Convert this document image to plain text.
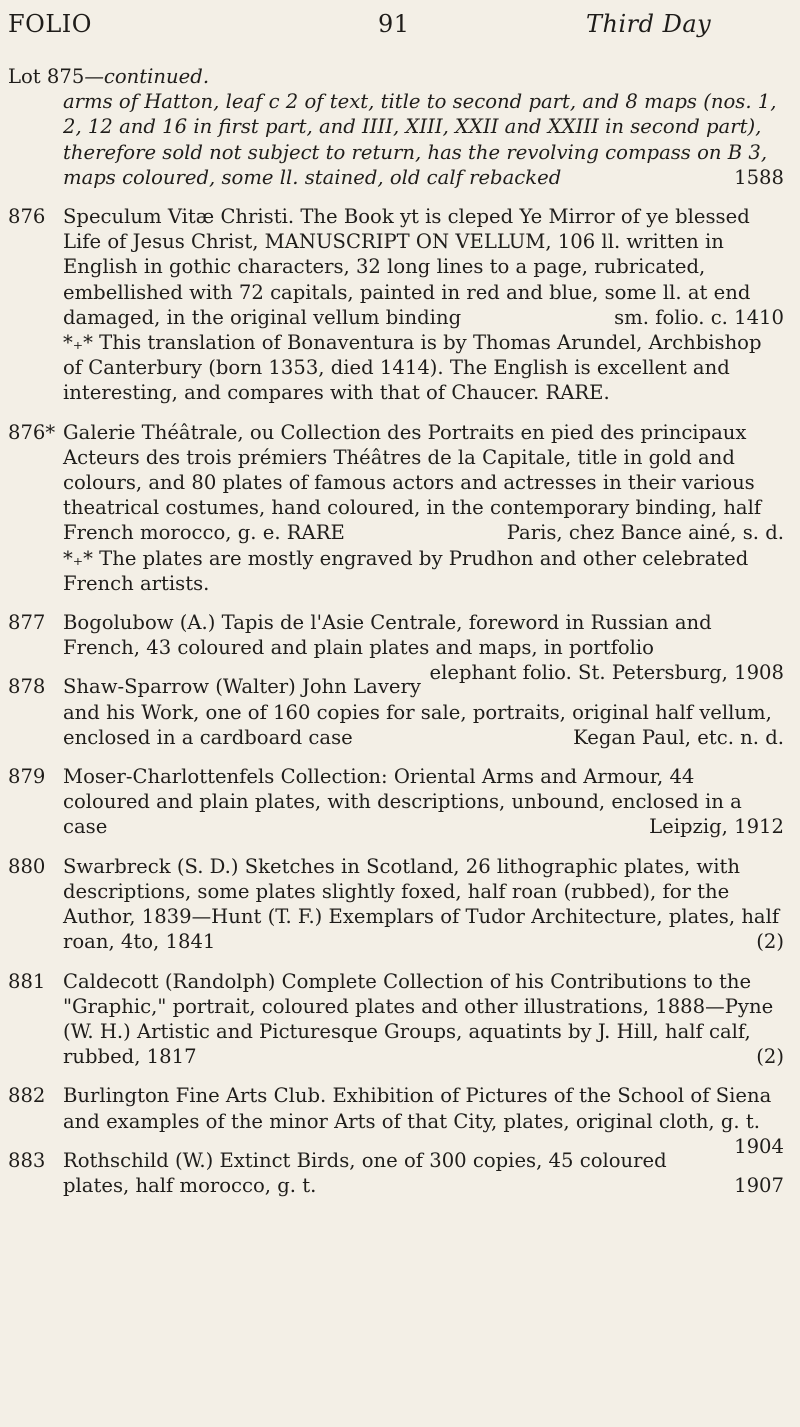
FOLIO	91	Third Day

Lot 875—continued.

arms of Hatton, leaf c 2 of text, title to second part, and 8 maps (nos. 1, 2, 12 and 16 in first part, and IIII, XIII, XXII and XXIII in second part), therefore sold not subject to return, has the revolving compass on B 3, maps coloured, some ll. stained, old calf rebacked	1588

876 Speculum Vitæ Christi. The Book yt is cleped Ye Mirror of ye blessed Life of Jesus Christ, MANUSCRIPT ON VELLUM, 106 ll. written in English in gothic characters, 32 long lines to a page, rubricated, embellished with 72 capitals, painted in red and blue, some ll. at end damaged, in the original vellum binding	sm. folio. c. 1410

*₊* This translation of Bonaventura is by Thomas Arundel, Archbishop of Canterbury (born 1353, died 1414). The English is excellent and interesting, and compares with that of Chaucer. RARE.

876* Galerie Théâtrale, ou Collection des Portraits en pied des principaux Acteurs des trois prémiers Théâtres de la Capitale, title in gold and colours, and 80 plates of famous actors and actresses in their various theatrical costumes, hand coloured, in the contemporary binding, half French morocco, g. e. RARE	Paris, chez Bance ainé, s. d.

*₊* The plates are mostly engraved by Prudhon and other celebrated French artists.

877 Bogolubow (A.) Tapis de l'Asie Centrale, foreword in Russian and French, 43 coloured and plain plates and maps, in portfolio
elephant folio. St. Petersburg, 1908

878 Shaw-Sparrow (Walter) John Lavery and his Work, one of 160 copies for sale, portraits, original half vellum, enclosed in a cardboard case	Kegan Paul, etc. n. d.

879 Moser-Charlottenfels Collection: Oriental Arms and Armour, 44 coloured and plain plates, with descriptions, unbound, enclosed in a case	Leipzig, 1912

880 Swarbreck (S. D.) Sketches in Scotland, 26 lithographic plates, with descriptions, some plates slightly foxed, half roan (rubbed), for the Author, 1839—Hunt (T. F.) Exemplars of Tudor Architecture, plates, half roan, 4to, 1841	(2)

881 Caldecott (Randolph) Complete Collection of his Contributions to the "Graphic," portrait, coloured plates and other illustrations, 1888—Pyne (W. H.) Artistic and Picturesque Groups, aquatints by J. Hill, half calf, rubbed, 1817	(2)

882 Burlington Fine Arts Club. Exhibition of Pictures of the School of Siena and examples of the minor Arts of that City, plates, original cloth, g. t.
1904

883 Rothschild (W.) Extinct Birds, one of 300 copies, 45 coloured plates, half morocco, g. t.	1907
